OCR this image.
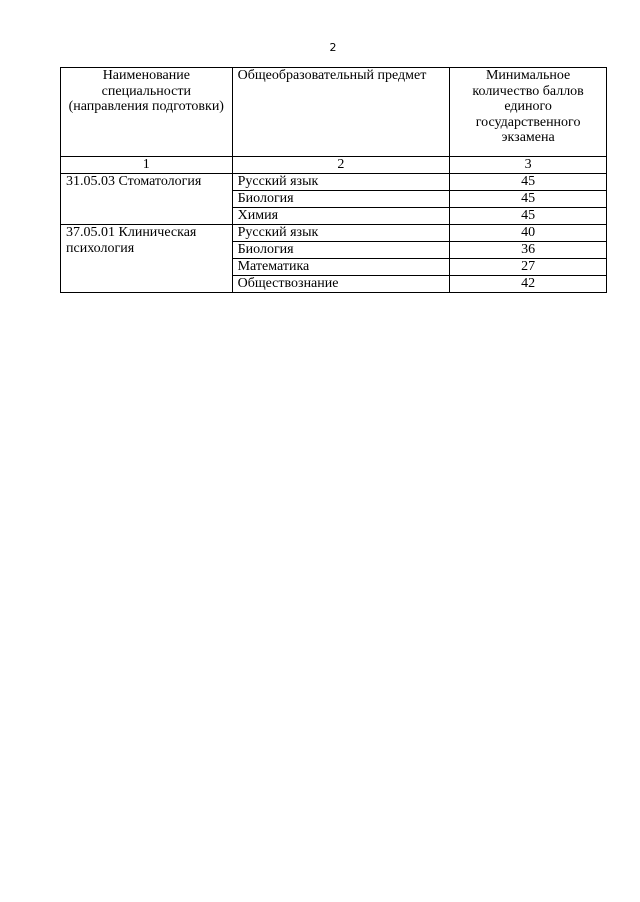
2
Наименование специальности (направления подготовки)	Общеобразовательный предмет	Минимальное количество баллов единого государственного экзамена
1	2	3
31.05.03 Стоматология	Русский язык	45
	Биология	45
	Химия	45
37.05.01 Клиническая психология	Русский язык	40
	Биология	36
	Математика	27
	Обществознание	42
